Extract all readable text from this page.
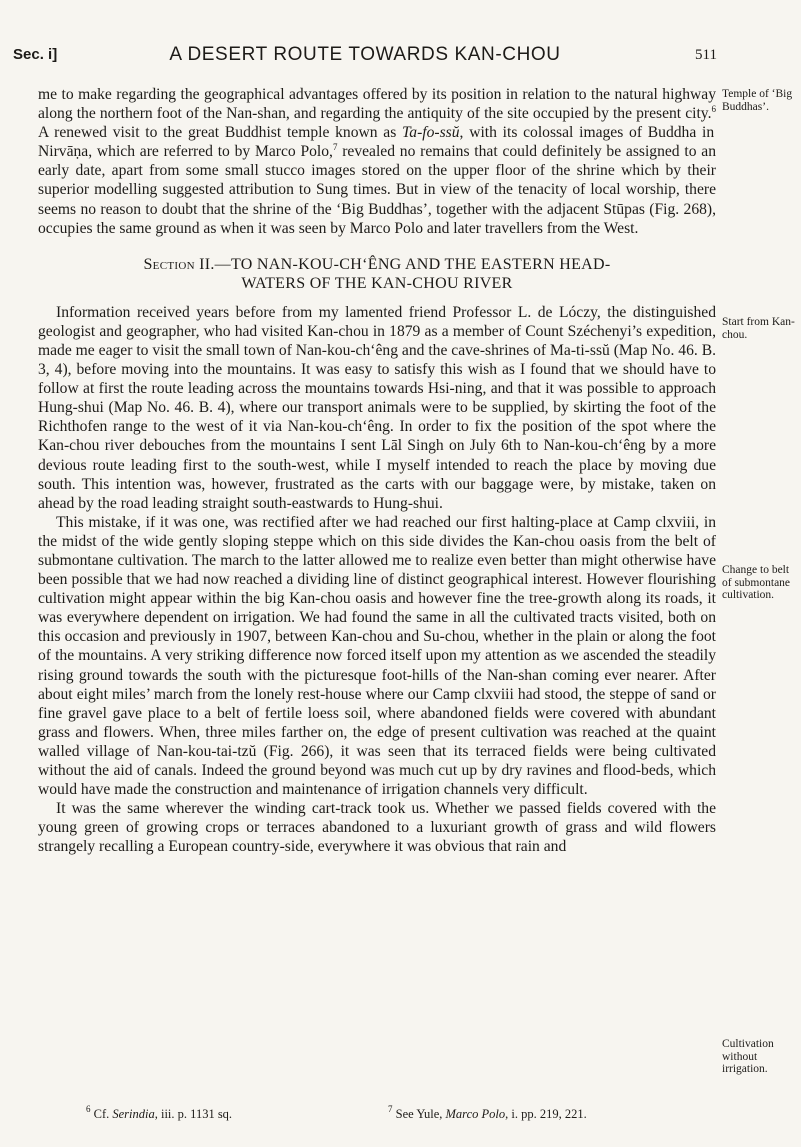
Sec. i]	A DESERT ROUTE TOWARDS KAN-CHOU	511

me to make regarding the geographical advantages offered by its position in relation to the natural highway along the northern foot of the Nan-shan, and regarding the antiquity of the site occupied by the present city.$^6$ A renewed visit to the great Buddhist temple known as Ta-fo-ssŭ, with its colossal images of Buddha in Nirvāṇa, which are referred to by Marco Polo,$^7$ revealed no remains that could definitely be assigned to an early date, apart from some small stucco images stored on the upper floor of the shrine which by their superior modelling suggested attribution to Sung times. But in view of the tenacity of local worship, there seems no reason to doubt that the shrine of the ‘Big Buddhas’, together with the adjacent Stūpas (Fig. 268), occupies the same ground as when it was seen by Marco Polo and later travellers from the West.

Section II.—TO NAN-KOU-CH‘ÊNG AND THE EASTERN HEAD-
WATERS OF THE KAN-CHOU RIVER

Information received years before from my lamented friend Professor L. de Lóczy, the distinguished geologist and geographer, who had visited Kan-chou in 1879 as a member of Count Széchenyi’s expedition, made me eager to visit the small town of Nan-kou-ch‘êng and the cave-shrines of Ma-ti-ssŭ (Map No. 46. B. 3, 4), before moving into the mountains. It was easy to satisfy this wish as I found that we should have to follow at first the route leading across the mountains towards Hsi-ning, and that it was possible to approach Hung-shui (Map No. 46. B. 4), where our transport animals were to be supplied, by skirting the foot of the Richthofen range to the west of it via Nan-kou-ch‘êng. In order to fix the position of the spot where the Kan-chou river debouches from the mountains I sent Lāl Singh on July 6th to Nan-kou-ch‘êng by a more devious route leading first to the south-west, while I myself intended to reach the place by moving due south. This intention was, however, frustrated as the carts with our baggage were, by mistake, taken on ahead by the road leading straight south-eastwards to Hung-shui.

This mistake, if it was one, was rectified after we had reached our first halting-place at Camp clxviii, in the midst of the wide gently sloping steppe which on this side divides the Kan-chou oasis from the belt of submontane cultivation. The march to the latter allowed me to realize even better than might otherwise have been possible that we had now reached a dividing line of distinct geographical interest. However flourishing cultivation might appear within the big Kan-chou oasis and however fine the tree-growth along its roads, it was everywhere dependent on irrigation. We had found the same in all the cultivated tracts visited, both on this occasion and previously in 1907, between Kan-chou and Su-chou, whether in the plain or along the foot of the mountains. A very striking difference now forced itself upon my attention as we ascended the steadily rising ground towards the south with the picturesque foot-hills of the Nan-shan coming ever nearer. After about eight miles’ march from the lonely rest-house where our Camp clxviii had stood, the steppe of sand or fine gravel gave place to a belt of fertile loess soil, where abandoned fields were covered with abundant grass and flowers. When, three miles farther on, the edge of present cultivation was reached at the quaint walled village of Nan-kou-tai-tzŭ (Fig. 266), it was seen that its terraced fields were being cultivated without the aid of canals. Indeed the ground beyond was much cut up by dry ravines and flood-beds, which would have made the construction and maintenance of irrigation channels very difficult.

It was the same wherever the winding cart-track took us. Whether we passed fields covered with the young green of growing crops or terraces abandoned to a luxuriant growth of grass and wild flowers strangely recalling a European country-side, everywhere it was obvious that rain and

Temple of ‘Big Buddhas’.
Start from Kan-chou.
Change to belt of submontane cultivation.
Cultivation without irrigation.
$^6$ Cf. Serindia, iii. p. 1131 sq.	$^7$ See Yule, Marco Polo, i. pp. 219, 221.
